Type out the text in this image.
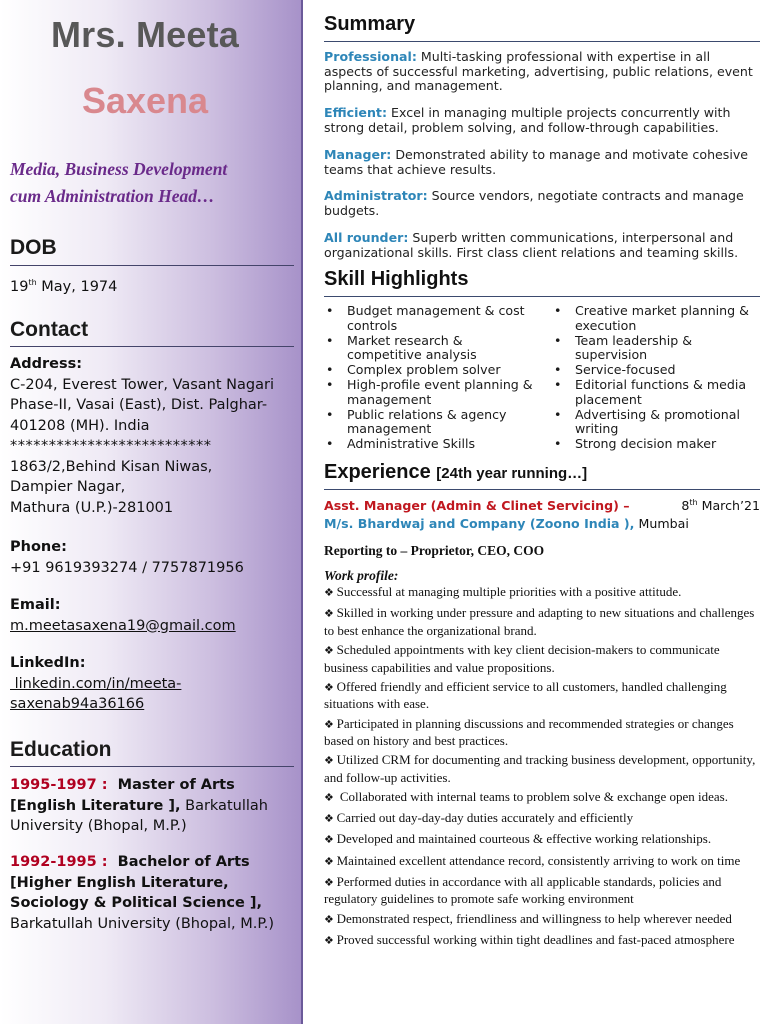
Mrs. Meeta
Saxena
Media, Business Development
cum Administration Head…
DOB
19th May, 1974
Contact
Address:
C-204, Everest Tower, Vasant Nagari
Phase-II, Vasai (East), Dist. Palghar-
401208 (MH). India
**************************
1863/2,Behind Kisan Niwas,
Dampier Nagar,
Mathura (U.P.)-281001
Phone:
+91 9619393274 / 7757871956
Email:
m.meetasaxena19@gmail.com
LinkedIn:
linkedin.com/in/meeta-
saxenab94a36166
Education
1995-1997 :  Master of Arts [English Literature ], Barkatullah University (Bhopal, M.P.)
1992-1995 :  Bachelor of Arts [Higher English Literature, Sociology & Political Science ], Barkatullah University (Bhopal, M.P.)
Summary
Professional: Multi-tasking professional with expertise in all aspects of successful marketing, advertising, public relations, event planning, and management.
Efficient: Excel in managing multiple projects concurrently with strong detail, problem solving, and follow-through capabilities.
Manager: Demonstrated ability to manage and motivate cohesive teams that achieve results.
Administrator: Source vendors, negotiate contracts and manage budgets.
All rounder: Superb written communications, interpersonal and organizational skills. First class client relations and teaming skills.
Skill Highlights
• Budget management & cost controls
• Market research & competitive analysis
• Complex problem solver
• High-profile event planning & management
• Public relations & agency management
• Administrative Skills
• Creative market planning & execution
• Team leadership & supervision
• Service-focused
• Editorial functions & media placement
• Advertising & promotional writing
• Strong decision maker
Experience [24th year running…]
Asst. Manager (Admin & Clinet Servicing) –	8th March’21
M/s. Bhardwaj and Company (Zoono India ), Mumbai
Reporting to – Proprietor, CEO, COO
Work profile:
❖ Successful at managing multiple priorities with a positive attitude.
❖ Skilled in working under pressure and adapting to new situations and challenges to best enhance the organizational brand.
❖ Scheduled appointments with key client decision-makers to communicate business capabilities and value propositions.
❖ Offered friendly and efficient service to all customers, handled challenging situations with ease.
❖ Participated in planning discussions and recommended strategies or changes based on history and best practices.
❖ Utilized CRM for documenting and tracking business development, opportunity, and follow-up activities.
❖  Collaborated with internal teams to problem solve & exchange open ideas.
❖ Carried out day-day-day duties accurately and efficiently
❖ Developed and maintained courteous & effective working relationships.
❖ Maintained excellent attendance record, consistently arriving to work on time
❖ Performed duties in accordance with all applicable standards, policies and regulatory guidelines to promote safe working environment
❖ Demonstrated respect, friendliness and willingness to help wherever needed
❖ Proved successful working within tight deadlines and fast-paced atmosphere
